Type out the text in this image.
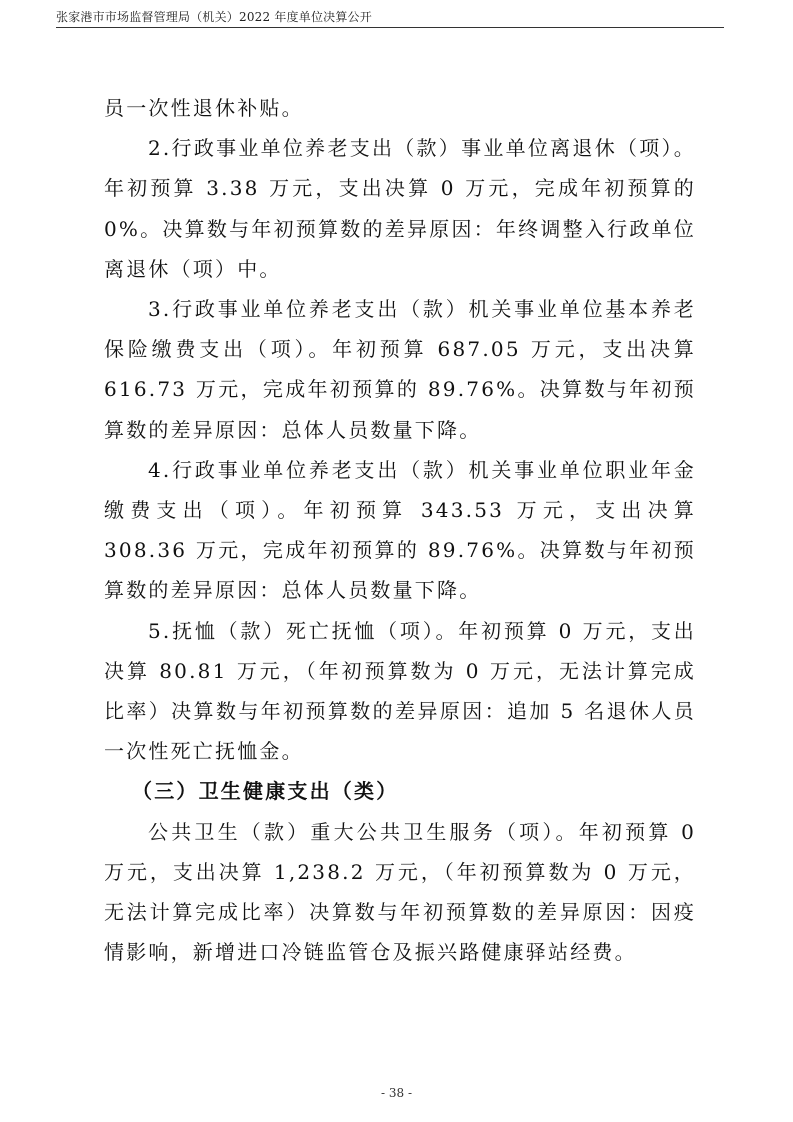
张家港市市场监督管理局（机关）2022 年度单位决算公开

员一次性退休补贴。

2.行政事业单位养老支出（款）事业单位离退休（项）。年初预算 3.38 万元，支出决算 0 万元，完成年初预算的 0%。决算数与年初预算数的差异原因：年终调整入行政单位离退休（项）中。

3.行政事业单位养老支出（款）机关事业单位基本养老保险缴费支出（项）。年初预算 687.05 万元，支出决算 616.73 万元，完成年初预算的 89.76%。决算数与年初预算数的差异原因：总体人员数量下降。

4.行政事业单位养老支出（款）机关事业单位职业年金缴费支出（项）。年初预算 343.53 万元，支出决算 308.36 万元，完成年初预算的 89.76%。决算数与年初预算数的差异原因：总体人员数量下降。

5.抚恤（款）死亡抚恤（项）。年初预算 0 万元，支出决算 80.81 万元，（年初预算数为 0 万元，无法计算完成比率）决算数与年初预算数的差异原因：追加 5 名退休人员一次性死亡抚恤金。

（三）卫生健康支出（类）

公共卫生（款）重大公共卫生服务（项）。年初预算 0 万元，支出决算 1,238.2 万元，（年初预算数为 0 万元，无法计算完成比率）决算数与年初预算数的差异原因：因疫情影响，新增进口冷链监管仓及振兴路健康驿站经费。

- 38 -
